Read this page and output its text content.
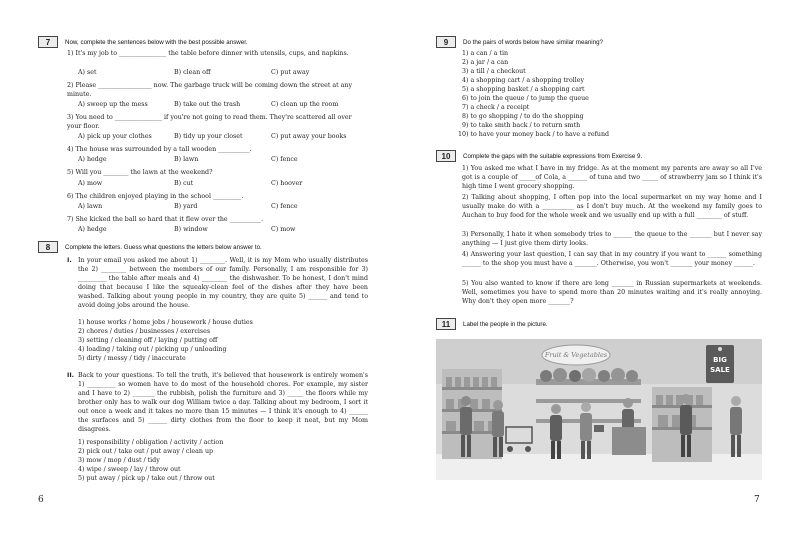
7	Now, complete the sentences below with the best possible answer.
1) It's my job to _______________ the table before dinner with utensils, cups, and napkins.
A) set	B) clean off	C) put away
2) Please _________________ now. The garbage truck will be coming down the street at any minute.
A) sweep up the mess	B) take out the trash	C) clean up the room
3) You need to _______________ if you're not going to read them. They're scattered all over your floor.
A) pick up your clothes	B) tidy up your closet	C) put away your books
4) The house was surrounded by a tall wooden __________.
A) hedge	B) lawn	C) fence
5) Will you ________ the lawn at the weekend?
A) mow	B) cut	C) hoover
6) The children enjoyed playing in the school _________.
A) lawn	B) yard	C) fence
7) She kicked the ball so hard that it flew over the __________.
A) hedge	B) window	C) mow
8	Complete the letters. Guess what questions the letters below answer to.
I. In your email you asked me about 1) ________. Well, it is my Mom who usually distributes the 2) ________ between the members of our family. Personally, I am responsible for 3) _________ the table after meals and 4) ________ the dishwasher. To be honest, I don't mind doing that because I like the squeaky-clean feel of the dishes after they have been washed. Talking about young people in my country, they are quite 5) ______ and tend to avoid doing jobs around the house.
1) house works / home jobs / housework / house duties
2) chores / duties / businesses / exercises
3) setting / cleaning off / laying / putting off
4) loading / taking out / picking up / unloading
5) dirty / messy / tidy / inaccurate
II. Back to your questions. To tell the truth, it's believed that housework is entirely women's 1) _________ so women have to do most of the household chores. For example, my sister and I have to 2) _______ the rubbish, polish the furniture and 3) _____ the floors while my brother only has to walk our dog William twice a day. Talking about my bedroom, I sort it out once a week and it takes no more than 15 minutes — I think it's enough to 4) ______ the surfaces and 5) ______ dirty clothes from the floor to keep it neat, but my Mom disagrees.
1) responsibility / obligation / activity / action
2) pick out / take out / put away / clean up
3) mow / mop / dust / tidy
4) wipe / sweep / lay / throw out
5) put away / pick up / take out / throw out
6
9	Do the pairs of words below have similar meaning?
1) a can / a tin
2) a jar / a can
3) a till / a checkout
4) a shopping cart / a shopping trolley
5) a shopping basket / a shopping cart
6) to join the queue / to jump the queue
7) a check / a receipt
8) to go shopping / to do the shopping
9) to take smth back / to return smth
10) to have your money back / to have a refund
10	Complete the gaps with the suitable expressions from Exercise 9.
1) You asked me what I have in my fridge. As at the moment my parents are away so all I've got is a couple of _____of Cola, a ______ of tuna and two _____ of strawberry jam so I think it's high time I went grocery shopping.
2) Talking about shopping, I often pop into the local supermarket on my way home and I usually make do with a __________ as I don't buy much. At the weekend my family goes to Auchan to buy food for the whole week and we usually end up with a full ________ of stuff.
3) Personally, I hate it when somebody tries to ______ the queue to the _______ but I never say anything — I just give them dirty looks.
4) Answering your last question, I can say that in my country if you want to ______ something ______ to the shop you must have a _______. Otherwise, you won't _______ your money ______.
5) You also wanted to know if there are long _______ in Russian supermarkets at weekends. Well, sometimes you have to spend more than 20 minutes waiting and it's really annoying. Why don't they open more _______?
11	Label the people in the picture.
Fruit & Vegetables
BIG
SALE
7
